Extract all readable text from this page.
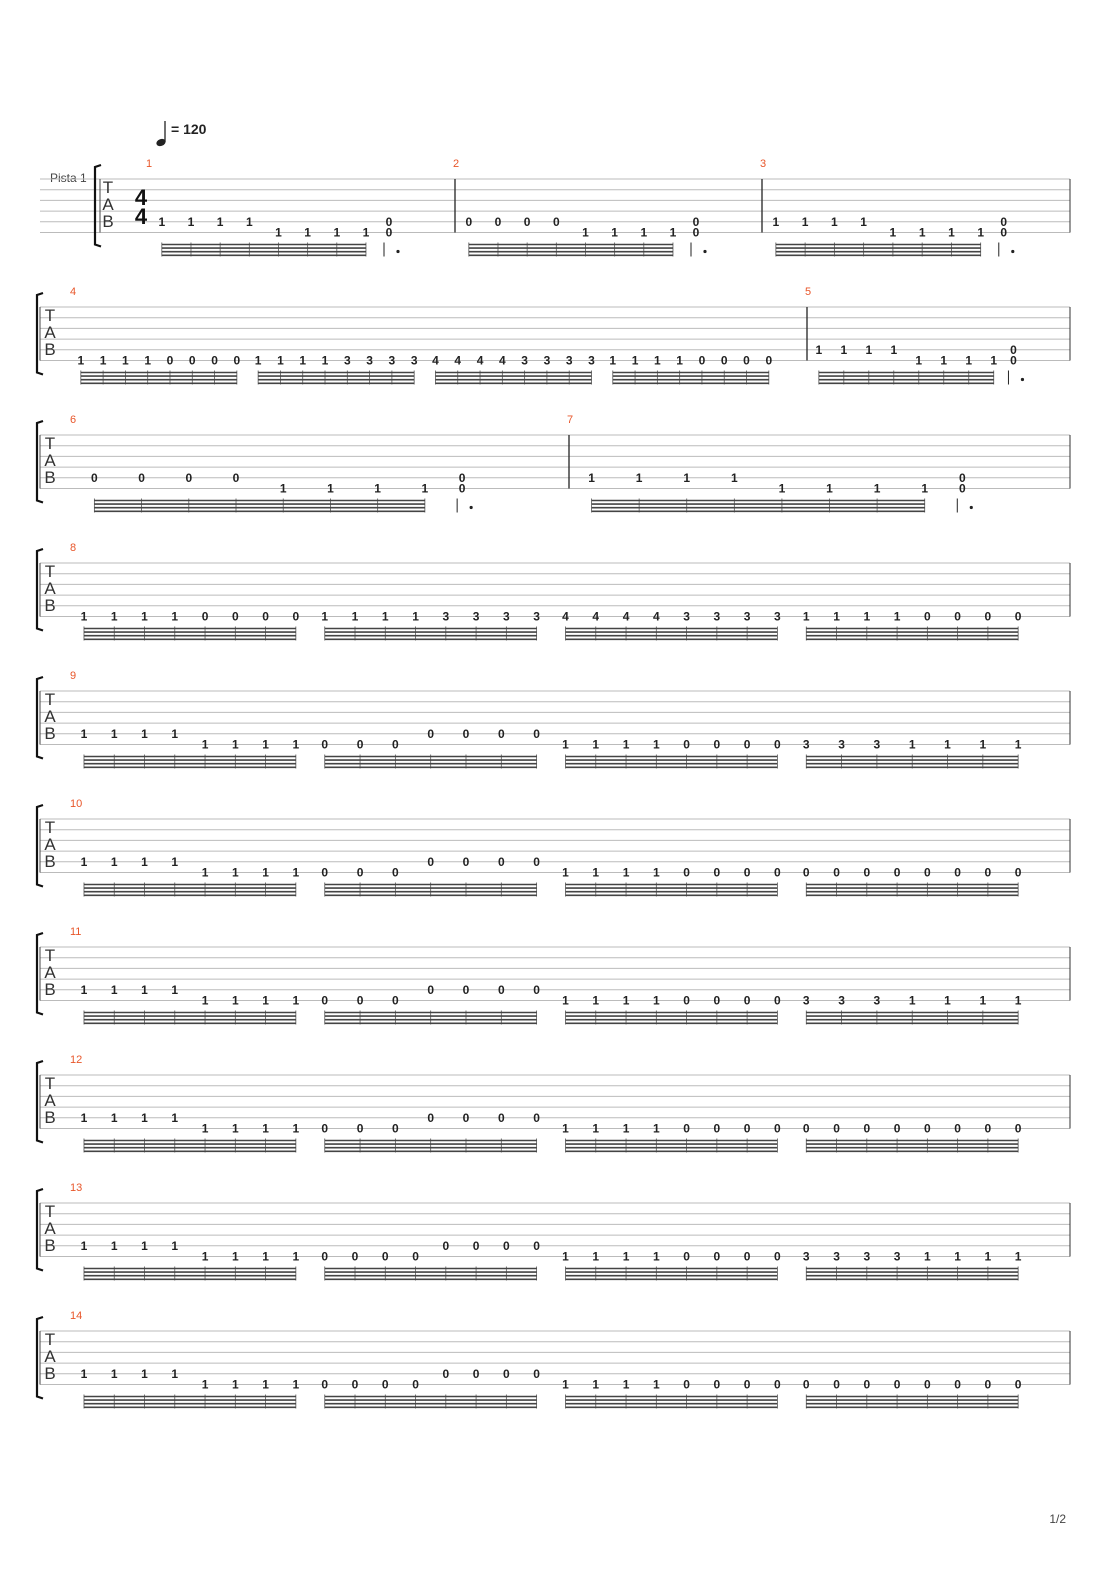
= 120
Pista 1 T
A
B
4
4
1
1 1 1 1
1 1 1 1
0
0
2
0 0 0 0
1 1 1 1
0
0
3
1 1 1 1
1 1 1 1
0
0
T
A
B
4
1 1 1 1 0 0 0 0 1 1 1 1 3 3 3 3 4 4 4 4 3 3 3 3 1 1 1 1 0 0 0 0
5
1 1 1 1
1 1 1 1
0
0
T
A
B
6
0	0	0	0
1	1	1	1
0
0
7
1	1	1	1
1	1	1	1
0
0
T
A
B
8
1 1 1 1 0 0 0 0 1 1 1 1 3 3 3 3 4 4 4 4 3 3 3 3 1 1 1 1 0 0 0 0
T
A
B
9
1 1 1 1
1 1 1 1 0 0 0
0 0 0 0
1 1 1 1 0 0 0 0 3 3 3 1 1 1 1
T
A
B
10
1 1 1 1
1 1 1 1 0 0 0
0 0 0 0
1 1 1 1 0 0 0 0 0 0 0 0 0 0 0 0
T
A
B
11
1 1 1 1
1 1 1 1 0 0 0
0 0 0 0
1 1 1 1 0 0 0 0 3 3 3 1 1 1 1
T
A
B
12
1 1 1 1
1 1 1 1 0 0 0
0 0 0 0
1 1 1 1 0 0 0 0 0 0 0 0 0 0 0 0
T
A
B
13
1 1 1 1
1 1 1 1 0 0 0 0
0 0 0 0
1 1 1 1 0 0 0 0 3 3 3 3 1 1 1 1
T
A
B
14
1 1 1 1
1 1 1 1 0 0 0 0
0 0 0 0
1 1 1 1 0 0 0 0 0 0 0 0 0 0 0 0
1/2
